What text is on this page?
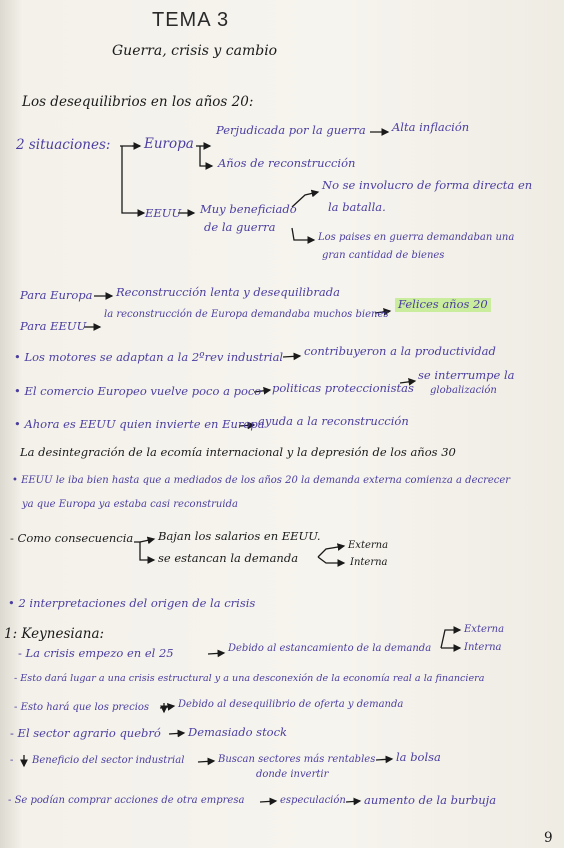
TEMA 3
Guerra, crisis y cambio
Los desequilibrios en los años 20:
2 situaciones: Europa
Perjudicada por la guerra Alta inflación
Años de reconstrucción
EEUU Muy beneficiado
de la guerra
No se involucro de forma directa en
la batalla.
Los paises en guerra demandaban una
gran cantidad de bienes
Para Europa Reconstrucción lenta y desequilibrada
Para EEUU
la reconstrucción de Europa demandaba muchos bienes
Felices años 20
• Los motores se adaptan a la 2ºrev industrial contribuyeron a la productividad
• El comercio Europeo vuelve poco a poco politicas proteccionistas
se interrumpe la
globalización
• Ahora es EEUU quien invierte en Europa
ayuda a la reconstrucción
La desintegración de la ecomía internacional y la depresión de los años 30
• EEUU le iba bien hasta que a mediados de los años 20 la demanda externa comienza a decrecer
ya que Europa ya estaba casi reconstruida
- Como consecuencia Bajan los salarios en EEUU.
se estancan la demanda
Externa
Interna
• 2 interpretaciones del origen de la crisis
1: Keynesiana:
- La crisis empezo en el 25	Debido al estancamiento de la demanda
Externa
Interna
- Esto dará lugar a una crisis estructural y a una desconexión de la economía real a la financiera
- Esto hará que los precios	Debido al desequilibrio de oferta y demanda
- El sector agrario quebró Demasiado stock
- Beneficio del sector industrial	Buscan sectores más rentables
donde invertir
la bolsa
- Se podían comprar acciones de otra empresa	especulación aumento de la burbuja
9
